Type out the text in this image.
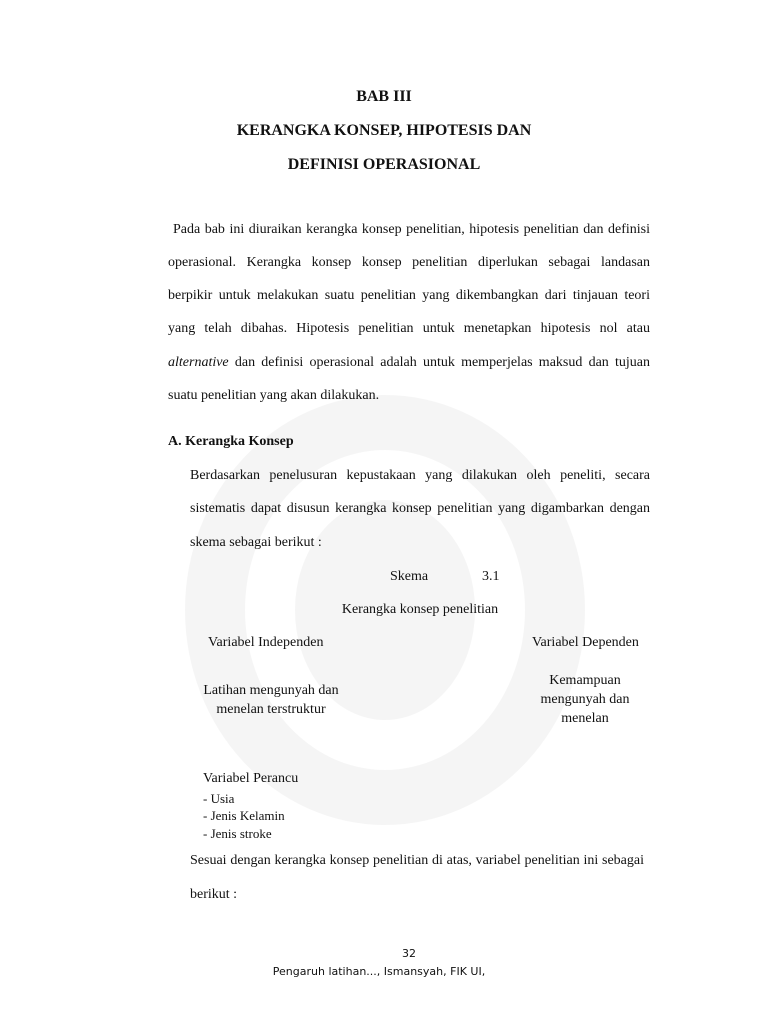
BAB III
KERANGKA KONSEP, HIPOTESIS DAN
DEFINISI OPERASIONAL
Pada bab ini diuraikan kerangka konsep penelitian, hipotesis penelitian dan definisi
operasional. Kerangka konsep konsep penelitian diperlukan sebagai landasan
berpikir untuk melakukan suatu penelitian yang dikembangkan dari tinjauan teori
yang telah dibahas. Hipotesis penelitian untuk menetapkan hipotesis nol atau
alternative dan definisi operasional adalah untuk memperjelas maksud dan tujuan
suatu penelitian yang akan dilakukan.
A. Kerangka Konsep
Berdasarkan penelusuran kepustakaan yang dilakukan oleh peneliti, secara
sistematis dapat disusun kerangka konsep penelitian yang digambarkan dengan
skema sebagai berikut :
Skema	3.1
Kerangka konsep penelitian
Variabel Independen	Variabel Dependen
Latihan mengunyah dan
menelan terstruktur
Kemampuan
mengunyah dan
menelan
Variabel Perancu
- Usia
- Jenis Kelamin
- Jenis stroke
Sesuai dengan kerangka konsep penelitian di atas, variabel penelitian ini sebagai
berikut :
32
Pengaruh latihan..., Ismansyah, FIK UI,
